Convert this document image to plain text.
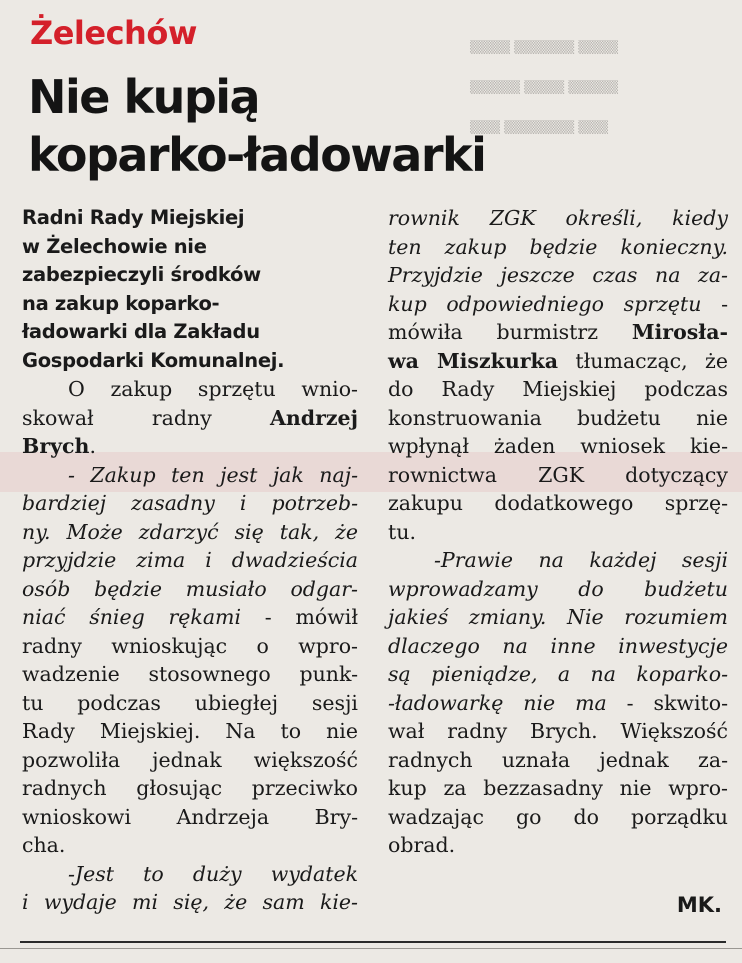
▒▒▒▒ ▒▒▒▒▒▒ ▒▒▒▒
▒▒▒▒▒ ▒▒▒▒ ▒▒▒▒▒
▒▒▒ ▒▒▒▒▒▒▒ ▒▒▒
Żelechów
Nie kupią
koparko-ładowarki
Radni Rady Miejskiej
w Żelechowie nie
zabezpieczyli środków
na zakup koparko-
ładowarki dla Zakładu
Gospodarki Komunalnej.
O zakup sprzętu wnio-
skował radny	Andrzej
Brych.
- Zakup ten jest jak naj-
bardziej zasadny i potrzeb-
ny. Może zdarzyć się tak, że
przyjdzie zima i dwadzieścia
osób będzie musiało odgar-
niać śnieg rękami - mówił
radny wnioskując o wpro-
wadzenie stosownego punk-
tu podczas ubiegłej sesji
Rady Miejskiej. Na to nie
pozwoliła jednak większość
radnych głosując przeciwko
wnioskowi Andrzeja Bry-
cha.
-Jest to duży wydatek
i wydaje mi się, że sam kie-
rownik ZGK określi, kiedy
ten zakup będzie konieczny.
Przyjdzie jeszcze czas na za-
kup odpowiedniego sprzętu -
mówiła burmistrz Mirosła-
wa Miszkurka tłumacząc, że
do Rady Miejskiej podczas
konstruowania budżetu nie
wpłynął żaden wniosek kie-
rownictwa ZGK dotyczący
zakupu dodatkowego sprzę-
tu.
-Prawie na każdej sesji
wprowadzamy do budżetu
jakieś zmiany. Nie rozumiem
dlaczego na inne inwestycje
są pieniądze, a na koparko-
-ładowarkę nie ma - skwito-
wał radny Brych. Większość
radnych uznała jednak za-
kup za bezzasadny nie wpro-
wadzając go do porządku
obrad.
MK.
